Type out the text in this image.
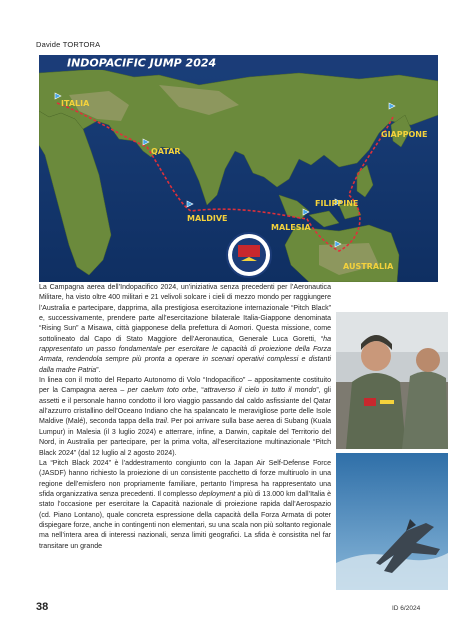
Davide TORTORA
INDOPACIFIC JUMP 2024
ITALIA
QATAR
MALDIVE
MALESIA
FILIPPINE
GIAPPONE
AUSTRALIA

La Campagna aerea dell’Indopacifico 2024, un’iniziativa senza precedenti per l’Aeronautica Militare, ha visto oltre 400 militari e 21 velivoli solcare i cieli di mezzo mondo per raggiungere l’Australia e partecipare, dapprima, alla prestigiosa esercitazione internazionale “Pitch Black” e, successivamente, prendere parte all’esercitazione bilaterale Italia-Giappone denominata “Rising Sun” a Misawa, città giapponese della prefettura di Aomori. Questa missione, come sottolineato dal Capo di Stato Maggiore dell’Aeronautica, Generale Luca Goretti, “ha rappresentato un passo fondamentale per esercitare le capacità di proiezione della Forza Armata, rendendola sempre più pronta a operare in scenari operativi complessi e distanti dalla madre Patria”.

In linea con il motto del Reparto Autonomo di Volo “Indopacifico” – appositamente costituito per la Campagna aerea – per caelum toto orbe, “attraverso il cielo in tutto il mondo”, gli assetti e il personale hanno condotto il loro viaggio passando dal caldo asfissiante del Qatar all’azzurro cristallino dell’Oceano Indiano che ha spalancato le meravigliose porte delle Isole Maldive (Malé), seconda tappa della trail. Per poi arrivare sulla base aerea di Subang (Kuala Lumpur) in Malesia (il 3 luglio 2024) e atterrare, infine, a Darwin, capitale del Territorio del Nord, in Australia per partecipare, per la prima volta, all’esercitazione multinazionale “Pitch Black 2024” (dal 12 luglio al 2 agosto 2024).

La “Pitch Black 2024” è l’addestramento congiunto con la Japan Air Self-Defense Force (JASDF) hanno richiesto la proiezione di un consistente pacchetto di forze multiruolo in una regione dell’emisfero non propriamente familiare, pertanto l’impresa ha rappresentato una sfida organizzativa senza precedenti. Il complesso deployment a più di 13.000 km dall’Italia è stato l’occasione per esercitare la Capacità nazionale di proiezione rapida dall’Aerospazio (cd. Piano Lontano), quale concreta espressione della capacità della Forza Armata di poter dispiegare forze, anche in contingenti non elementari, su una scala non più soltanto regionale ma nell’intera area di interessi nazionali, senza limiti geografici. La sfida è consistita nel far transitare un grande

38	ID 6/2024
